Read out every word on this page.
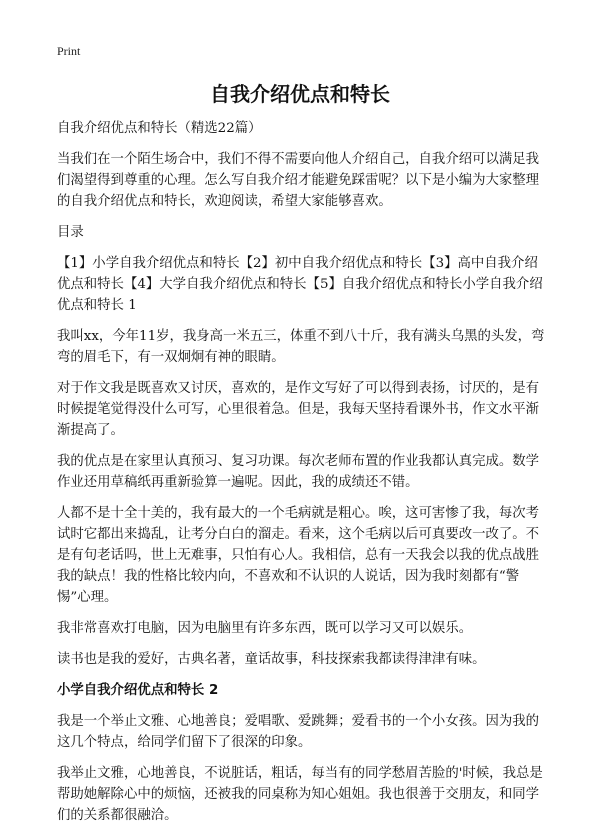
Print
自我介绍优点和特长

自我介绍优点和特长（精选22篇）

当我们在一个陌生场合中，我们不得不需要向他人介绍自己，自我介绍可以满足我们渴望得到尊重的心理。怎么写自我介绍才能避免踩雷呢？以下是小编为大家整理的自我介绍优点和特长，欢迎阅读，希望大家能够喜欢。

目录

【1】小学自我介绍优点和特长【2】初中自我介绍优点和特长【3】高中自我介绍优点和特长【4】大学自我介绍优点和特长【5】自我介绍优点和特长小学自我介绍优点和特长 1

我叫xx，今年11岁，我身高一米五三，体重不到八十斤，我有满头乌黑的头发，弯弯的眉毛下，有一双炯炯有神的眼睛。

对于作文我是既喜欢又讨厌，喜欢的，是作文写好了可以得到表扬，讨厌的，是有时候提笔觉得没什么可写，心里很着急。但是，我每天坚持看课外书，作文水平渐渐提高了。

我的优点是在家里认真预习、复习功课。每次老师布置的作业我都认真完成。数学作业还用草稿纸再重新验算一遍呢。因此，我的成绩还不错。

人都不是十全十美的，我有最大的一个毛病就是粗心。唉，这可害惨了我，每次考试时它都出来捣乱，让考分白白的溜走。看来，这个毛病以后可真要改一改了。不是有句老话吗，世上无难事，只怕有心人。我相信，总有一天我会以我的优点战胜我的缺点！我的性格比较内向，不喜欢和不认识的人说话，因为我时刻都有“警惕”心理。

我非常喜欢打电脑，因为电脑里有许多东西，既可以学习又可以娱乐。

读书也是我的爱好，古典名著，童话故事，科技探索我都读得津津有味。

小学自我介绍优点和特长 2

我是一个举止文雅、心地善良；爱唱歌、爱跳舞；爱看书的一个小女孩。因为我的这几个特点，给同学们留下了很深的印象。

我举止文雅，心地善良，不说脏话，粗话，每当有的同学愁眉苦脸的'时候，我总是帮助她解除心中的烦恼，还被我的同桌称为知心姐姐。我也很善于交朋友，和同学们的关系都很融洽。
